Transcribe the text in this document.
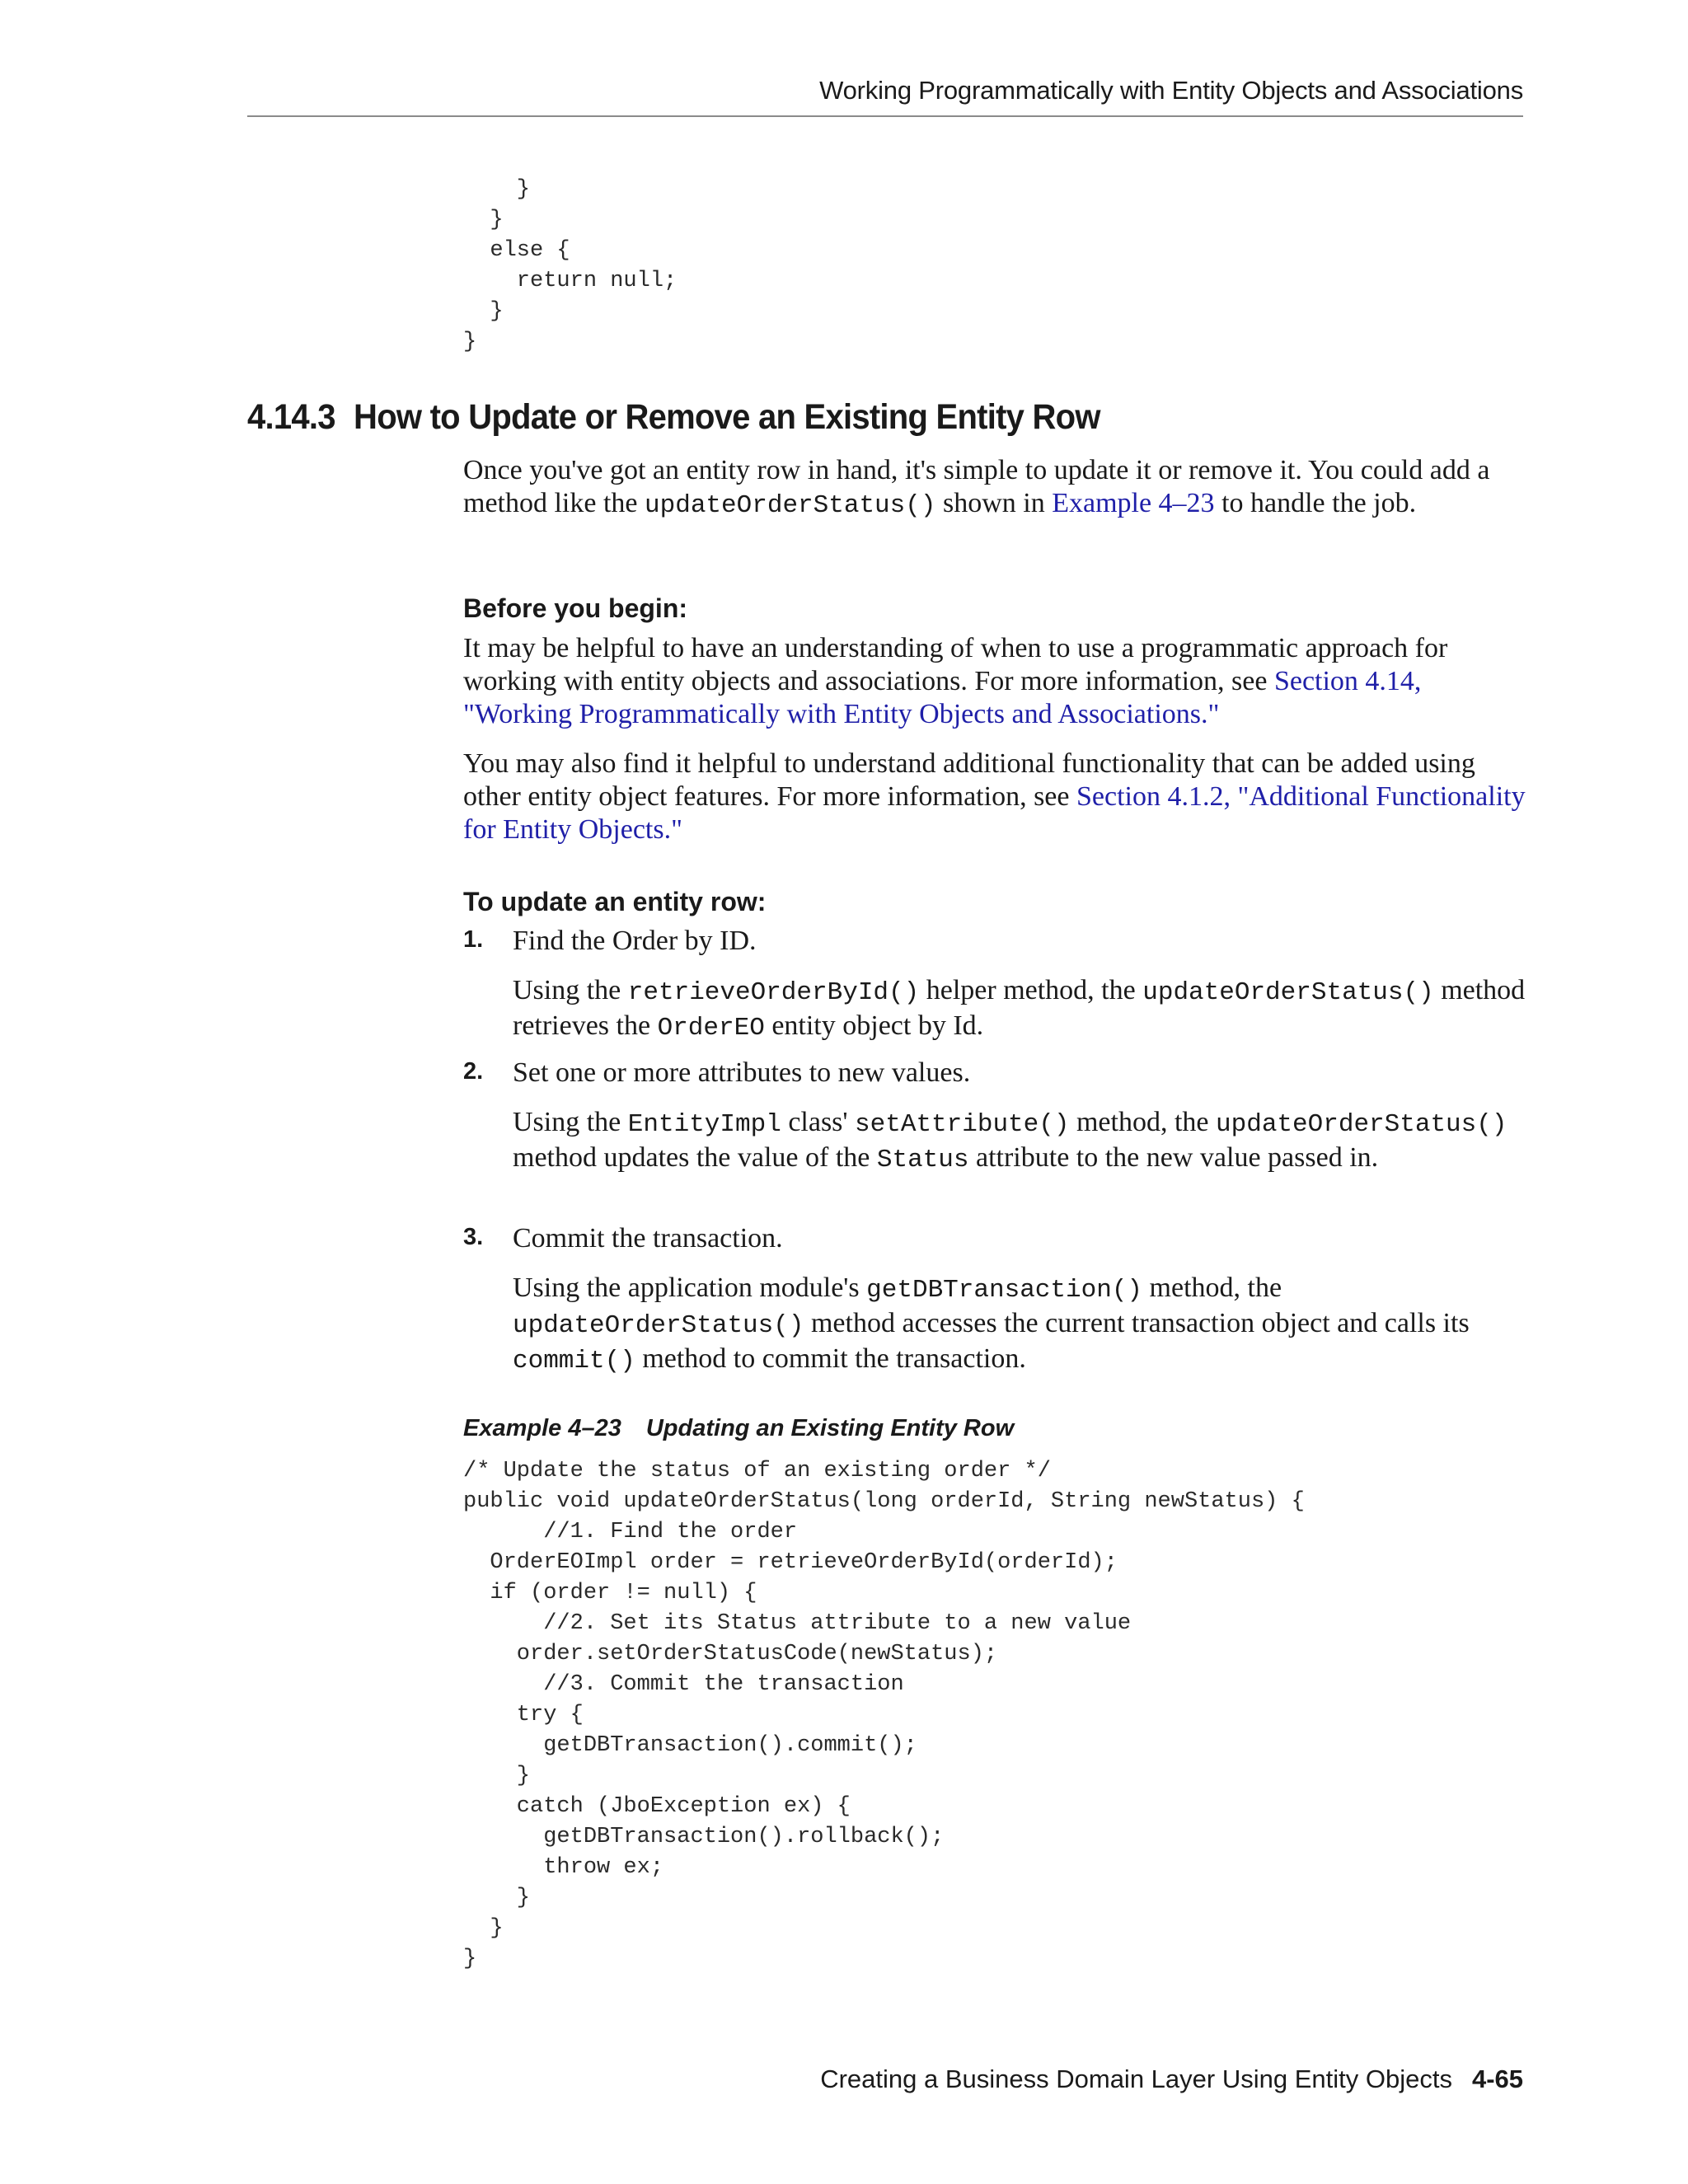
Working Programmatically with Entity Objects and Associations
}
}
else {
return null;
}
}
4.14.3 How to Update or Remove an Existing Entity Row
Once you've got an entity row in hand, it's simple to update it or remove it. You could add a method like the updateOrderStatus() shown in Example 4–23 to handle the job.
Before you begin:
It may be helpful to have an understanding of when to use a programmatic approach for working with entity objects and associations. For more information, see Section 4.14, "Working Programmatically with Entity Objects and Associations."
You may also find it helpful to understand additional functionality that can be added using other entity object features. For more information, see Section 4.1.2, "Additional Functionality for Entity Objects."
To update an entity row:
1. Find the Order by ID.
Using the retrieveOrderById() helper method, the updateOrderStatus() method retrieves the OrderEO entity object by Id.
2. Set one or more attributes to new values.
Using the EntityImpl class' setAttribute() method, the updateOrderStatus() method updates the value of the Status attribute to the new value passed in.
3. Commit the transaction.
Using the application module's getDBTransaction() method, the updateOrderStatus() method accesses the current transaction object and calls its commit() method to commit the transaction.
Example 4–23 Updating an Existing Entity Row
/* Update the status of an existing order */
public void updateOrderStatus(long orderId, String newStatus) {
//1. Find the order
OrderEOImpl order = retrieveOrderById(orderId);
if (order != null) {
//2. Set its Status attribute to a new value
order.setOrderStatusCode(newStatus);
//3. Commit the transaction
try {
getDBTransaction().commit();
}
catch (JboException ex) {
getDBTransaction().rollback();
throw ex;
}
}
}
Creating a Business Domain Layer Using Entity Objects 4-65
